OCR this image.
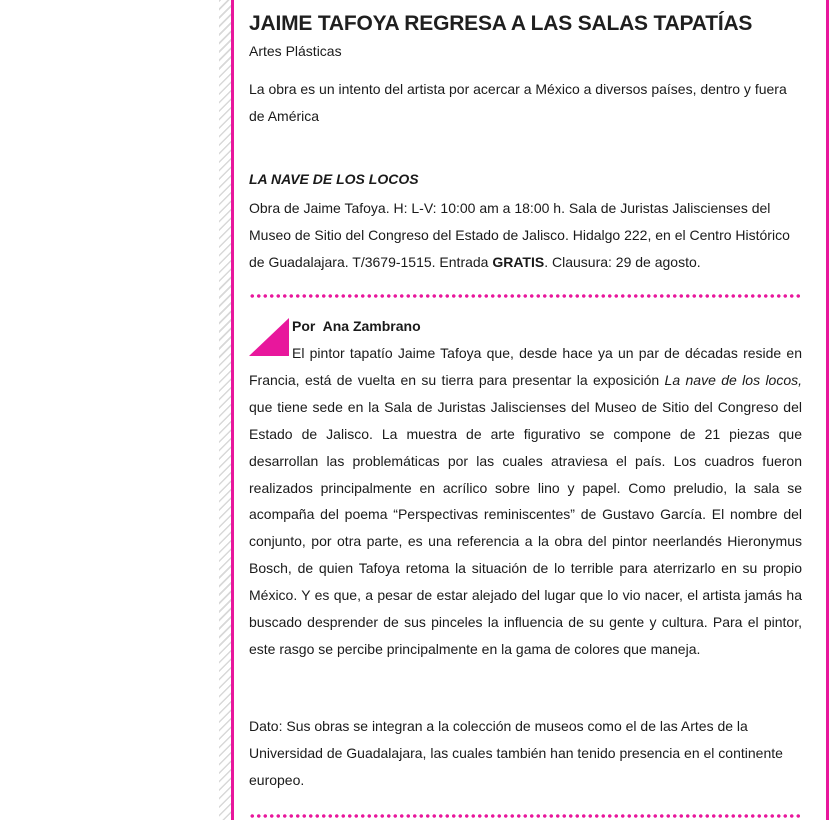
JAIME TAFOYA REGRESA A LAS SALAS TAPATÍAS
Artes Plásticas
La obra es un intento del artista por acercar a México a diversos países, dentro y fuera de América
LA NAVE DE LOS LOCOS
Obra de Jaime Tafoya. H: L-V: 10:00 am a 18:00 h. Sala de Juristas Jaliscienses del Museo de Sitio del Congreso del Estado de Jalisco. Hidalgo 222, en el Centro Histórico de Guadalajara. T/3679-1515. Entrada GRATIS. Clausura: 29 de agosto.
Por  Ana Zambrano

El pintor tapatío Jaime Tafoya que, desde hace ya un par de décadas reside en Francia, está de vuelta en su tierra para presentar la exposición La nave de los locos, que tiene sede en la Sala de Juristas Jaliscienses del Museo de Sitio del Congreso del Estado de Jalisco. La muestra de arte figurativo se compone de 21 piezas que desarrollan las problemáticas por las cuales atraviesa el país. Los cuadros fueron realizados principalmente en acrílico sobre lino y papel. Como preludio, la sala se acompaña del poema “Perspectivas reminiscentes” de Gustavo García. El nombre del conjunto, por otra parte, es una referencia a la obra del pintor neerlandés Hieronymus Bosch, de quien Tafoya retoma la situación de lo terrible para aterrizarlo en su propio México. Y es que, a pesar de estar alejado del lugar que lo vio nacer, el artista jamás ha buscado desprender de sus pinceles la influencia de su gente y cultura. Para el pintor, este rasgo se percibe principalmente en la gama de colores que maneja.

Dato: Sus obras se integran a la colección de museos como el de las Artes de la Universidad de Guadalajara, las cuales también han tenido presencia en el continente europeo.
